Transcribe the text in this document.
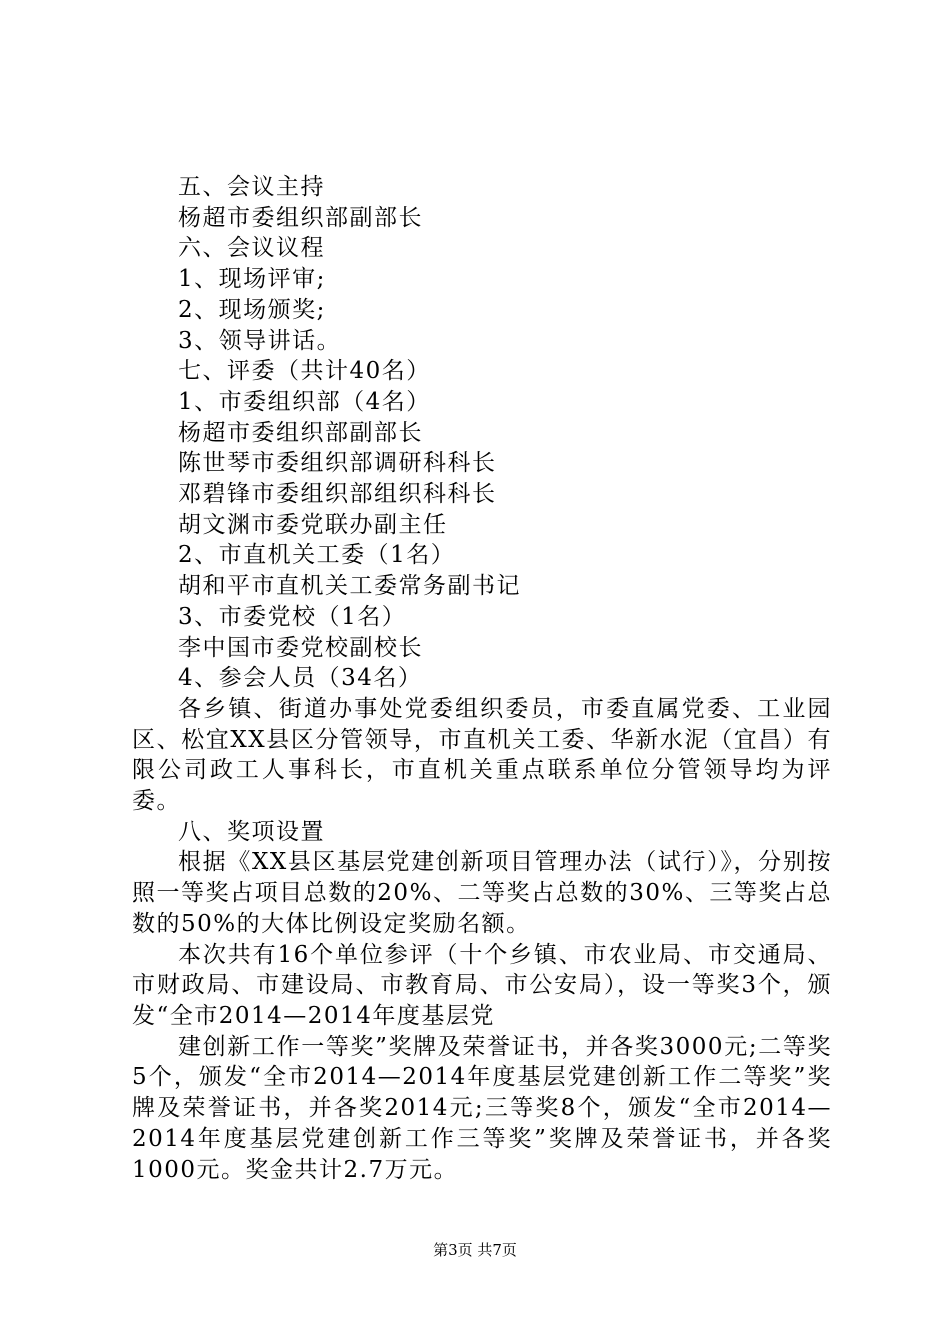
五、会议主持
杨超市委组织部副部长
六、会议议程
1、现场评审;
2、现场颁奖;
3、领导讲话。
七、评委（共计40名）
1、市委组织部（4名）
杨超市委组织部副部长
陈世琴市委组织部调研科科长
邓碧锋市委组织部组织科科长
胡文渊市委党联办副主任
2、市直机关工委（1名）
胡和平市直机关工委常务副书记
3、市委党校（1名）
李中国市委党校副校长
4、参会人员（34名）

各乡镇、街道办事处党委组织委员，市委直属党委、工业园区、松宜XX县区分管领导，市直机关工委、华新水泥（宜昌）有限公司政工人事科长，市直机关重点联系单位分管领导均为评委。

八、奖项设置

根据《XX县区基层党建创新项目管理办法（试行）》，分别按照一等奖占项目总数的20%、二等奖占总数的30%、三等奖占总数的50%的大体比例设定奖励名额。

本次共有16个单位参评（十个乡镇、市农业局、市交通局、市财政局、市建设局、市教育局、市公安局），设一等奖3个，颁发“全市2014—2014年度基层党

建创新工作一等奖”奖牌及荣誉证书，并各奖3000元;二等奖5个，颁发“全市2014—2014年度基层党建创新工作二等奖”奖牌及荣誉证书，并各奖2014元;三等奖8个，颁发“全市2014—2014年度基层党建创新工作三等奖”奖牌及荣誉证书，并各奖1000元。奖金共计2.7万元。

第3页 共7页
